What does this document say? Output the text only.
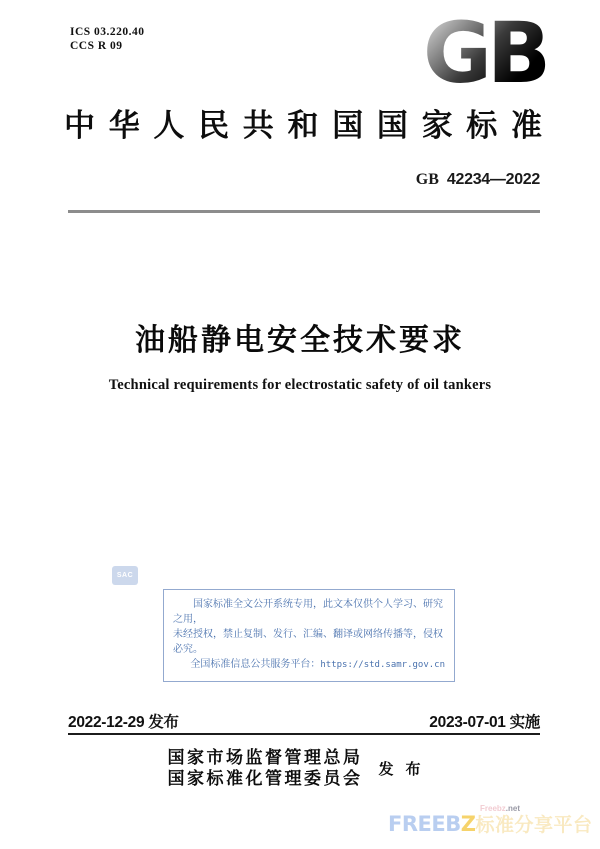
ICS 03.220.40
CCS R 09	GB
中华人民共和国国家标准
GB 42234—2022
油船静电安全技术要求
Technical requirements for electrostatic safety of oil tankers
SAC
国家标准全文公开系统专用，此文本仅供个人学习、研究之用，
未经授权，禁止复制、发行、汇编、翻译或网络传播等，侵权必究。
全国标准信息公共服务平台：https://std.samr.gov.cn
2022-12-29 发布	2023-07-01 实施
国家市场监督管理总局
国家标准化管理委员会 发布
Freebz.net
FREEBZ标准分享平台
